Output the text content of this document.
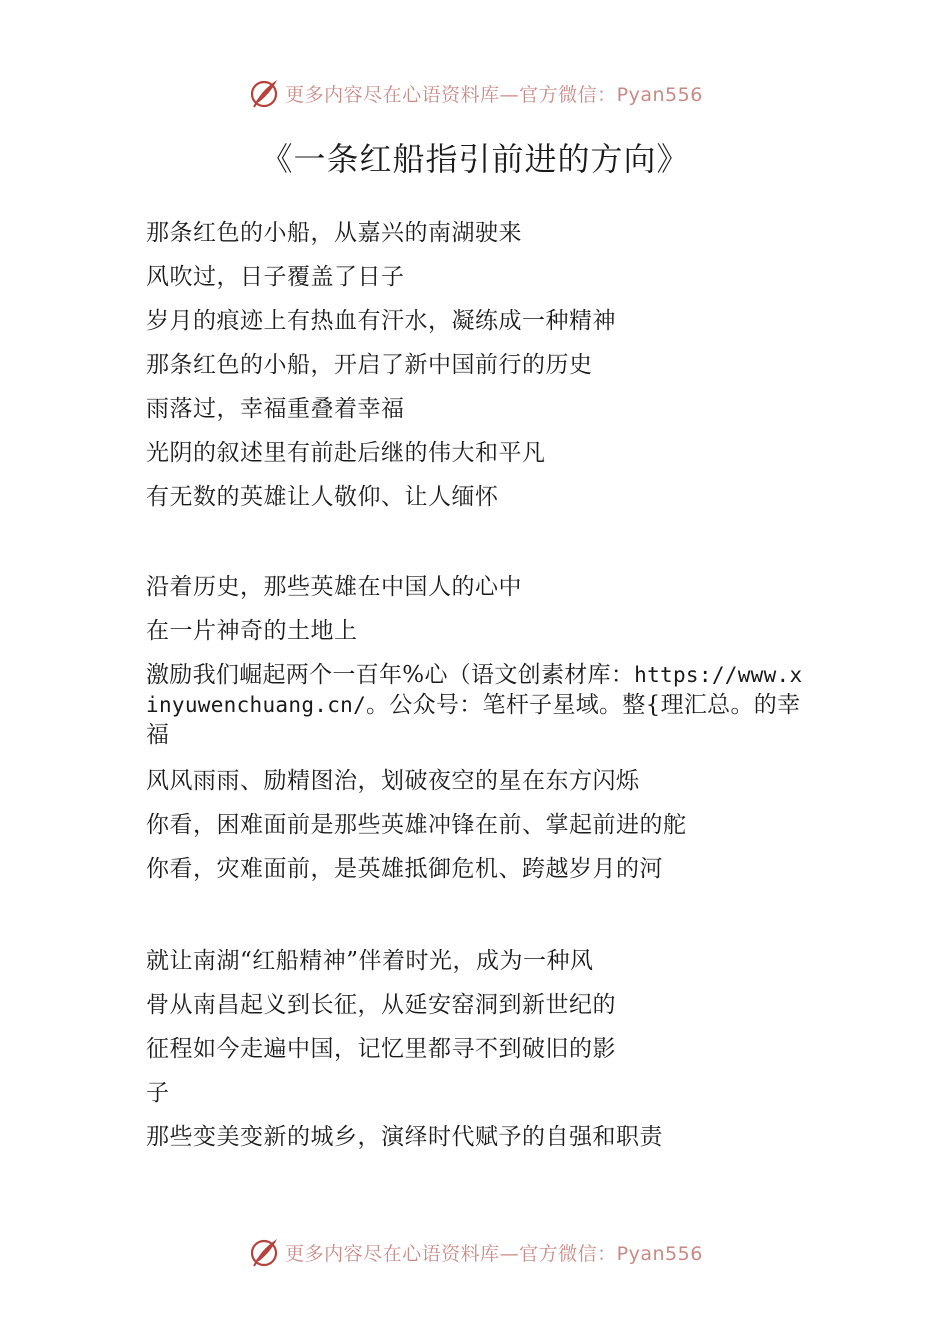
更多内容尽在心语资料库—官方微信：Pyan556
《一条红船指引前进的方向》
那条红色的小船，从嘉兴的南湖驶来
风吹过，日子覆盖了日子
岁月的痕迹上有热血有汗水，凝练成一种精神
那条红色的小船，开启了新中国前行的历史
雨落过，幸福重叠着幸福
光阴的叙述里有前赴后继的伟大和平凡
有无数的英雄让人敬仰、让人缅怀
沿着历史，那些英雄在中国人的心中
在一片神奇的土地上
激励我们崛起两个一百年%心（语文创素材库：https://www.xinyuwenchuang.cn/。公众号：笔杆子星域。整{理汇总。的幸福
风风雨雨、励精图治，划破夜空的星在东方闪烁
你看，困难面前是那些英雄冲锋在前、掌起前进的舵
你看，灾难面前，是英雄抵御危机、跨越岁月的河
就让南湖“红船精神”伴着时光，成为一种风
骨从南昌起义到长征，从延安窑洞到新世纪的
征程如今走遍中国，记忆里都寻不到破旧的影
子
那些变美变新的城乡，演绎时代赋予的自强和职责
更多内容尽在心语资料库—官方微信：Pyan556
